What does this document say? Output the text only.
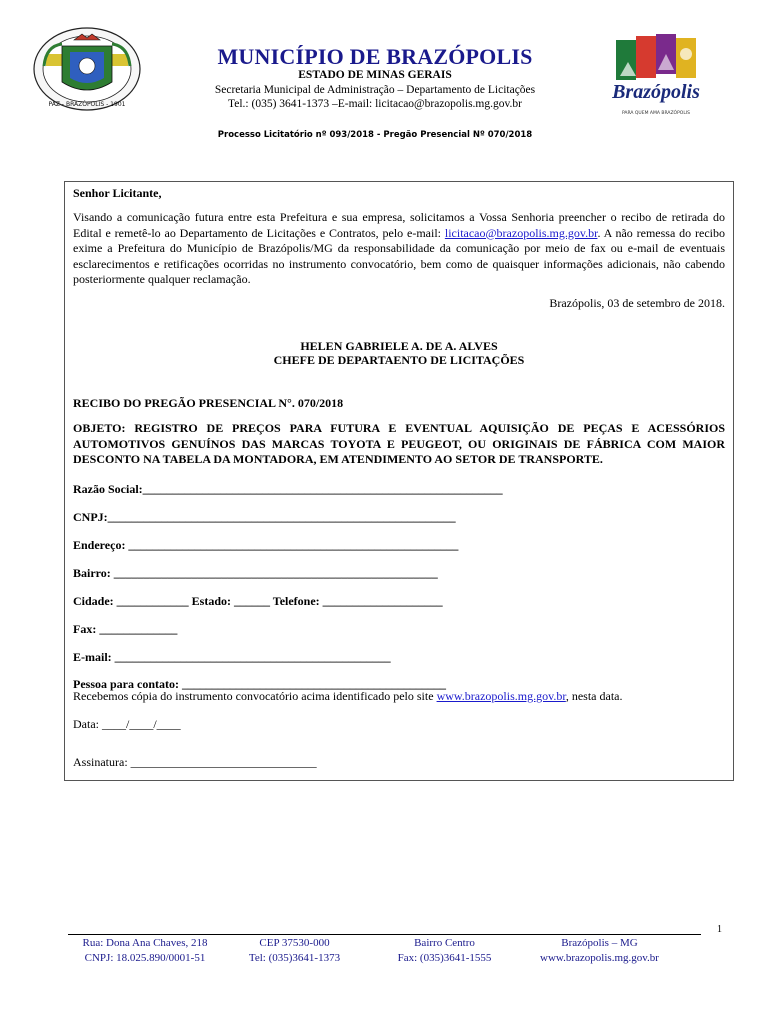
PAZ - BRAZÓPOLIS - 1901
Brazópolis
PARA QUEM AMA BRAZÓPOLIS
MUNICÍPIO DE BRAZÓPOLIS
ESTADO DE MINAS GERAIS
Secretaria Municipal de Administração – Departamento de Licitações
Tel.: (035) 3641-1373 –E-mail: licitacao@brazopolis.mg.gov.br
Processo Licitatório nº 093/2018 - Pregão Presencial Nº 070/2018
Senhor Licitante,
Visando a comunicação futura entre esta Prefeitura e sua empresa, solicitamos a Vossa Senhoria preencher o recibo de retirada do Edital e remetê-lo ao Departamento de Licitações e Contratos, pelo e-mail: licitacao@brazopolis.mg.gov.br. A não remessa do recibo exime a Prefeitura do Município de Brazópolis/MG da responsabilidade da comunicação por meio de fax ou e-mail de eventuais esclarecimentos e retificações ocorridas no instrumento convocatório, bem como de quaisquer informações adicionais, não cabendo posteriormente qualquer reclamação.
Brazópolis, 03 de setembro de 2018.
HELEN GABRIELE A. DE A. ALVES
CHEFE DE DEPARTAENTO DE LICITAÇÕES
RECIBO DO PREGÃO PRESENCIAL N°. 070/2018
OBJETO: REGISTRO DE PREÇOS PARA FUTURA E EVENTUAL AQUISIÇÃO DE PEÇAS E ACESSÓRIOS AUTOMOTIVOS GENUÍNOS DAS MARCAS TOYOTA E PEUGEOT, OU ORIGINAIS DE FÁBRICA COM MAIOR DESCONTO NA TABELA DA MONTADORA, EM ATENDIMENTO AO SETOR DE TRANSPORTE.
Razão Social:____________________________________________________________
CNPJ:__________________________________________________________
Endereço: _______________________________________________________
Bairro: ______________________________________________________
Cidade: ____________ Estado: ______ Telefone: ____________________
Fax: _____________
E-mail: ______________________________________________
Pessoa para contato: ____________________________________________
Recebemos cópia do instrumento convocatório acima identificado pelo site www.brazopolis.mg.gov.br, nesta data.
Data: ____/____/____
Assinatura: _______________________________
1
Rua: Dona Ana Chaves, 218
CNPJ: 18.025.890/0001-51
CEP 37530-000
Tel: (035)3641-1373
Bairro Centro
Fax: (035)3641-1555
Brazópolis – MG
www.brazopolis.mg.gov.br
